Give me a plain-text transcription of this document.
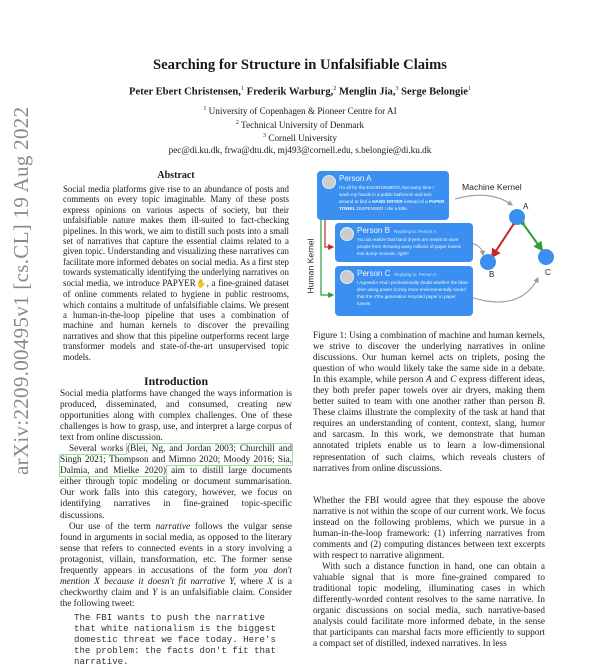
arXiv:2209.00495v1 [cs.CL] 19 Aug 2022
Searching for Structure in Unfalsifiable Claims
Peter Ebert Christensen,$^1$ Frederik Warburg,$^2$ Menglin Jia,$^3$ Serge Belongie$^1$
$^1$ University of Copenhagen & Pioneer Centre for AI
$^2$ Technical University of Denmark
$^3$ Cornell University
pec@di.ku.dk, frwa@dtu.dk, mj493@cornell.edu, s.belongie@di.ku.dk
Abstract

Social media platforms give rise to an abundance of posts and comments on every topic imaginable. Many of these posts express opinions on various aspects of society, but their unfalsifiable nature makes them ill-suited to fact-checking pipelines. In this work, we aim to distill such posts into a small set of narratives that capture the essential claims related to a given topic. Understanding and visualizing these narratives can facilitate more informed debates on social media. As a first step towards systematically identifying the underlying narratives on social media, we introduce PAPYER✋, a fine-grained dataset of online comments related to hygiene in public restrooms, which contains a multitude of unfalsifiable claims. We present a human-in-the-loop pipeline that uses a combination of machine and human kernels to discover the prevailing narratives and show that this pipeline outperforms recent large transformer models and state-of-the-art unsupervised topic models.

Introduction

Social media platforms have changed the ways information is produced, disseminated, and consumed, creating new opportunities along with complex challenges. One of these challenges is how to grasp, use, and interpret a large corpus of text from online discussion.

Several works (Blei, Ng, and Jordan 2003; Churchill and Singh 2021; Thompson and Mimno 2020; Moody 2016; Sia, Dalmia, and Mielke 2020) aim to distill large documents either through topic modeling or document summarisation. Our work falls into this category, however, we focus on identifying narratives in fine-grained topic-specific discussions.

Our use of the term narrative follows the vulgar sense found in arguments in social media, as opposed to the literary sense that refers to connected events in a story involving a protagonist, villain, transformation, etc. The former sense frequently appears in accusations of the form you don't mention X because it doesn't fit narrative Y, where X is a checkworthy claim and Y is an unfalsifiable claim. Consider the following tweet:

The FBI wants to push the narrative
that white nationalism is the biggest
domestic threat we face today. Here's
the problem: the facts don't fit that
narrative.
Machine Kernel
Human Kernel
A
B	C
Person A
I'm all for the ENVIRONMENT, but every time I wash my hands in a public bathroom and turn around to find a HAND DRYER instead of a PAPER TOWEL DISPENSER I die a little.
Person B Replying to: Person A
You do realize that hand dryers are meant to save people from throwing away millions of paper towels into dump mounds, right?
Person C Replying to: Person A
I Agreedo! And I professionally doubt whether the blow drier using power is truly more environmentally sound that the n'the generation recycled paper in paper towels.

Figure 1: Using a combination of machine and human kernels, we strive to discover the underlying narratives in online discussions. Our human kernel acts on triplets, posing the question of who would likely take the same side in a debate. In this example, while person A and C express different ideas, they both prefer paper towels over air dryers, making them better suited to team with one another rather than person B. These claims illustrate the complexity of the task at hand that requires an understanding of content, context, slang, humor and sarcasm. In this work, we demonstrate that human annotated triplets enable us to learn a low-dimensional representation of such claims, which reveals clusters of narratives from online discussions.

Whether the FBI would agree that they espouse the above narrative is not within the scope of our current work. We focus instead on the following problems, which we pursue in a human-in-the-loop framework: (1) inferring narratives from comments and (2) computing distances between text excerpts with respect to narrative alignment.

With such a distance function in hand, one can obtain a valuable signal that is more fine-grained compared to traditional topic modeling, illuminating cases in which differently-worded content resolves to the same narrative. In organic discussions on social media, such narrative-based analysis could facilitate more informed debate, in the sense that participants can marshal facts more efficiently to support a compact set of distilled, indexed narratives. In less
